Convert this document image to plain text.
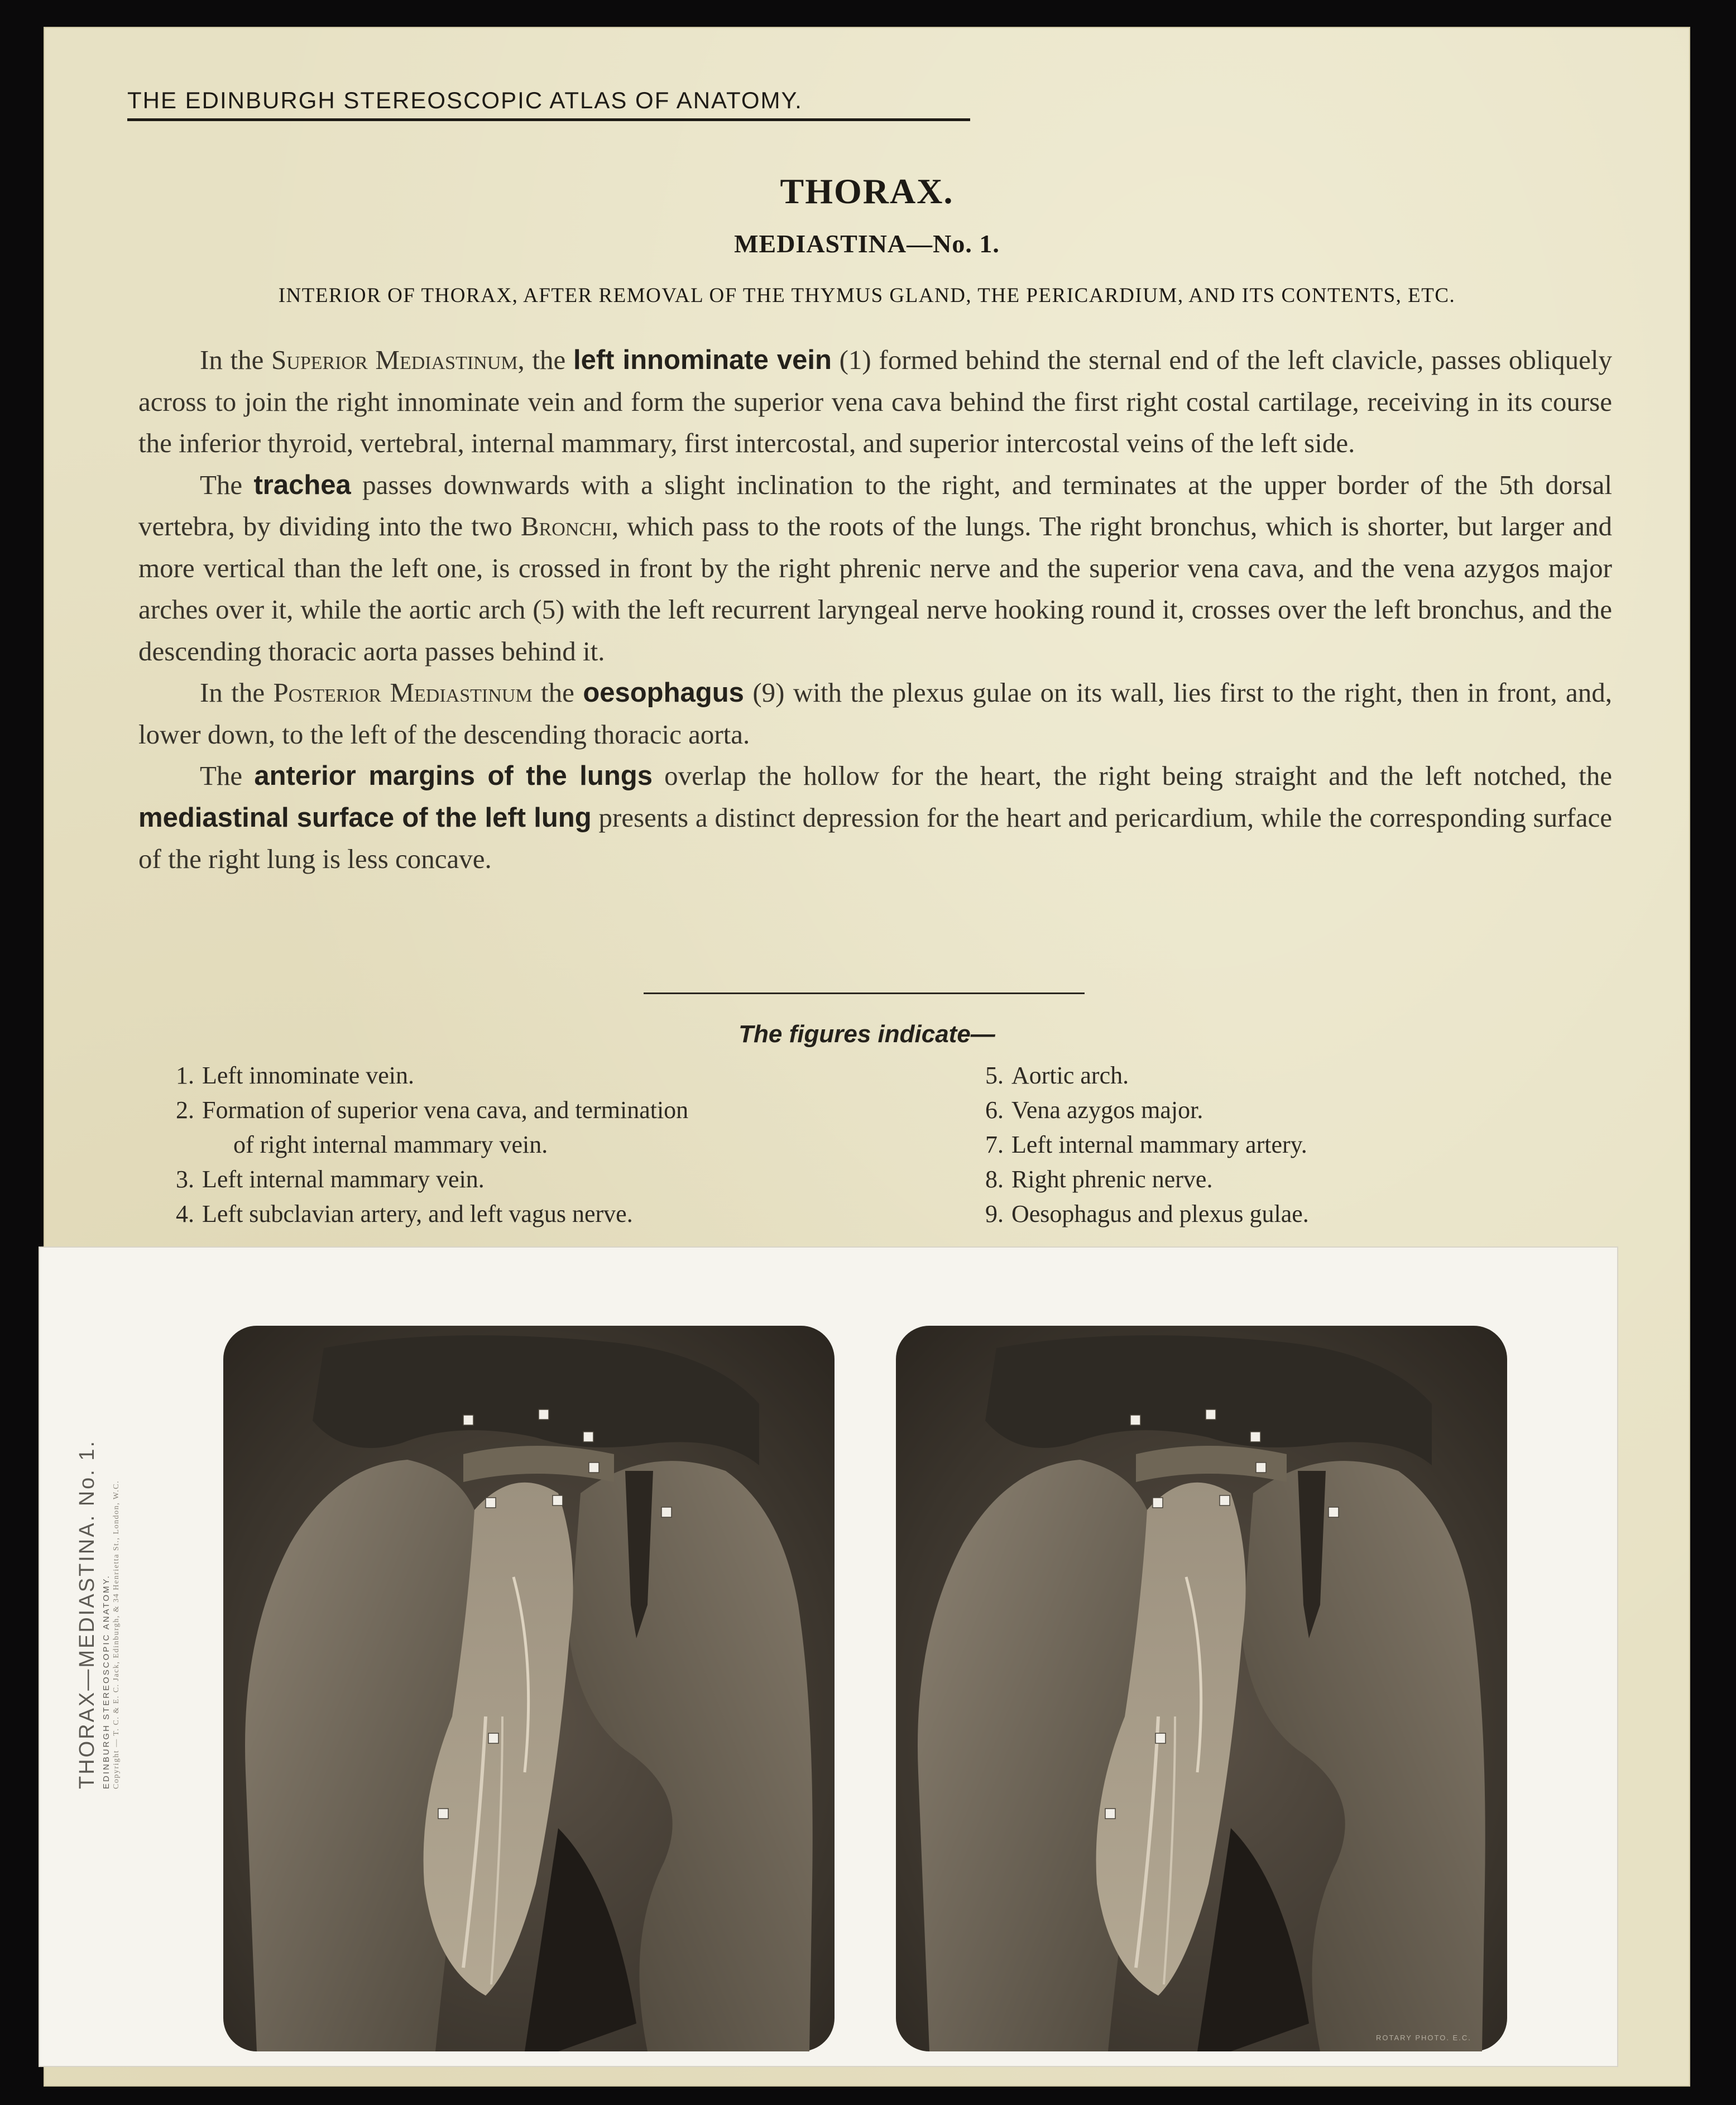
THE EDINBURGH STEREOSCOPIC ATLAS OF ANATOMY.
THORAX.
MEDIASTINA—No. 1.
INTERIOR OF THORAX, AFTER REMOVAL OF THE THYMUS GLAND, THE PERICARDIUM, AND ITS CONTENTS, ETC.

In the Superior Mediastinum, the left innominate vein (1) formed behind the sternal end of the left clavicle, passes obliquely across to join the right innominate vein and form the superior vena cava behind the first right costal cartilage, receiving in its course the inferior thyroid, vertebral, internal mammary, first intercostal, and superior intercostal veins of the left side.

The trachea passes downwards with a slight inclination to the right, and terminates at the upper border of the 5th dorsal vertebra, by dividing into the two Bronchi, which pass to the roots of the lungs. The right bronchus, which is shorter, but larger and more vertical than the left one, is crossed in front by the right phrenic nerve and the superior vena cava, and the vena azygos major arches over it, while the aortic arch (5) with the left recurrent laryngeal nerve hooking round it, crosses over the left bronchus, and the descending thoracic aorta passes behind it.

In the Posterior Mediastinum the oesophagus (9) with the plexus gulae on its wall, lies first to the right, then in front, and, lower down, to the left of the descending thoracic aorta.

The anterior margins of the lungs overlap the hollow for the heart, the right being straight and the left notched, the mediastinal surface of the left lung presents a distinct depression for the heart and pericardium, while the corresponding surface of the right lung is less concave.

The figures indicate—
1. Left innominate vein.
2. Formation of superior vena cava, and termination
of right internal mammary vein.
3. Left internal mammary vein.
4. Left subclavian artery, and left vagus nerve.
5. Aortic arch.
6. Vena azygos major.
7. Left internal mammary artery.
8. Right phrenic nerve.
9. Oesophagus and plexus gulae.
THORAX—MEDIASTINA. No. 1. EDINBURGH STEREOSCOPIC ANATOMY. Copyright — T. C. & E. C. Jack, Edinburgh, & 34 Henrietta St., London, W.C.
ROTARY PHOTO. E.C.
